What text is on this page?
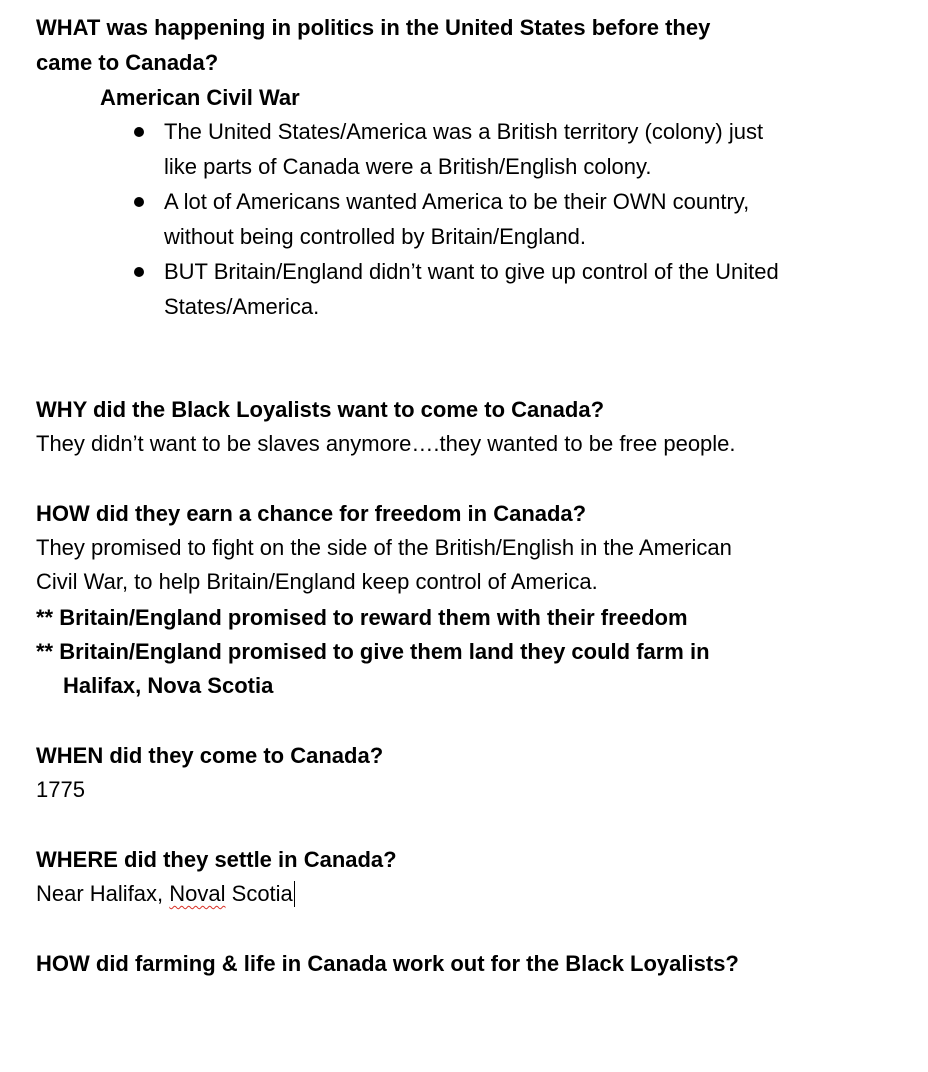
WHAT was happening in politics in the United States before they
came to Canada?
American Civil War
The United States/America was a British territory (colony) just
like parts of Canada were a British/English colony.
A lot of Americans wanted America to be their OWN country,
without being controlled by Britain/England.
BUT Britain/England didn’t want to give up control of the United
States/America.
WHY did the Black Loyalists want to come to Canada?
They didn’t want to be slaves anymore….they wanted to be free people.
HOW did they earn a chance for freedom in Canada?
They promised to fight on the side of the British/English in the American
Civil War, to help Britain/England keep control of America.
** Britain/England promised to reward them with their freedom
** Britain/England promised to give them land they could farm in
Halifax, Nova Scotia
WHEN did they come to Canada?
1775
WHERE did they settle in Canada?
Near Halifax, Noval Scotia
HOW did farming & life in Canada work out for the Black Loyalists?
